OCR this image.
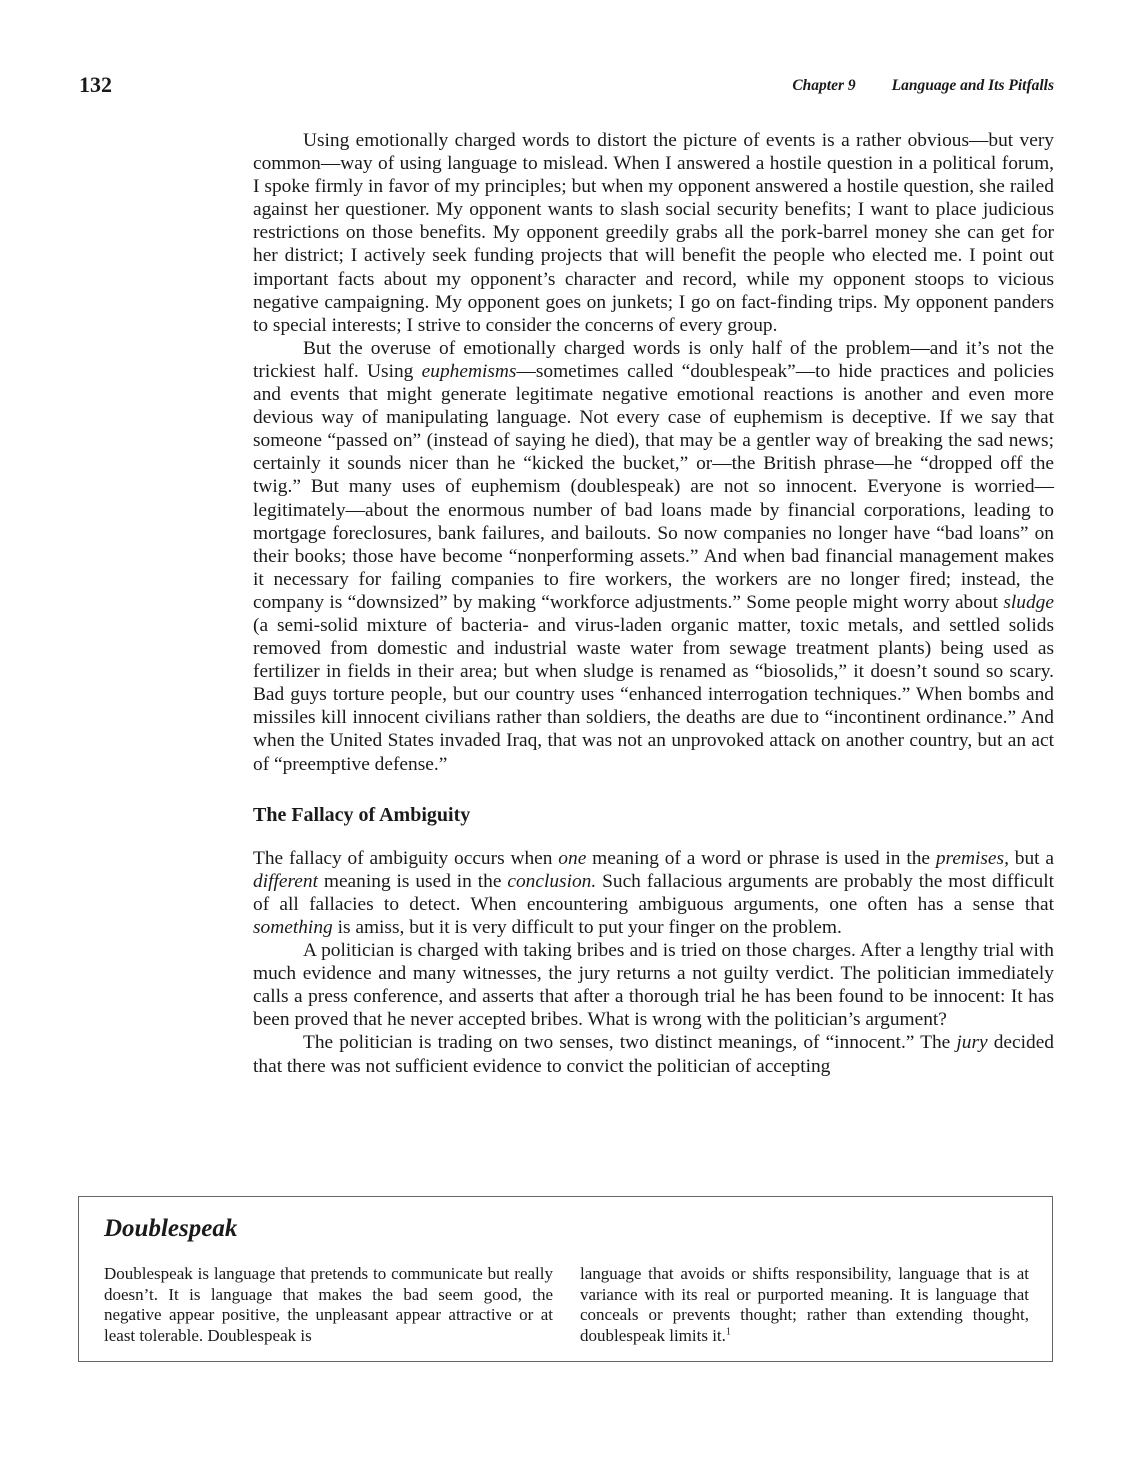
132	Chapter 9 Language and Its Pitfalls

Using emotionally charged words to distort the picture of events is a rather obvious—but very common—way of using language to mislead. When I answered a hostile question in a political forum, I spoke firmly in favor of my principles; but when my opponent answered a hostile question, she railed against her questioner. My opponent wants to slash social security benefits; I want to place judicious restrictions on those benefits. My opponent greedily grabs all the pork-barrel money she can get for her district; I actively seek funding projects that will benefit the people who elected me. I point out important facts about my opponent’s character and record, while my opponent stoops to vicious negative campaigning. My opponent goes on junkets; I go on fact-finding trips. My opponent panders to special interests; I strive to consider the concerns of every group.

But the overuse of emotionally charged words is only half of the problem—and it’s not the trickiest half. Using euphemisms—sometimes called “doublespeak”—to hide practices and policies and events that might generate legitimate negative emotional reactions is another and even more devious way of manipulating language. Not every case of euphemism is deceptive. If we say that someone “passed on” (instead of saying he died), that may be a gentler way of breaking the sad news; certainly it sounds nicer than he “kicked the bucket,” or—the British phrase—he “dropped off the twig.” But many uses of euphemism (doublespeak) are not so innocent. Everyone is worried—legitimately—about the enormous number of bad loans made by financial corporations, leading to mortgage foreclosures, bank failures, and bailouts. So now companies no longer have “bad loans” on their books; those have become “nonperforming assets.” And when bad financial management makes it necessary for failing companies to fire workers, the workers are no longer fired; instead, the company is “downsized” by making “workforce adjustments.” Some people might worry about sludge (a semi-solid mixture of bacteria- and virus-laden organic matter, toxic metals, and settled solids removed from domestic and industrial waste water from sewage treatment plants) being used as fertilizer in fields in their area; but when sludge is renamed as “biosolids,” it doesn’t sound so scary. Bad guys torture people, but our country uses “enhanced interrogation techniques.” When bombs and missiles kill innocent civilians rather than soldiers, the deaths are due to “incontinent ordinance.” And when the United States invaded Iraq, that was not an unprovoked attack on another country, but an act of “preemptive defense.”

The Fallacy of Ambiguity

The fallacy of ambiguity occurs when one meaning of a word or phrase is used in the premises, but a different meaning is used in the conclusion. Such fallacious arguments are probably the most difficult of all fallacies to detect. When encountering ambiguous arguments, one often has a sense that something is amiss, but it is very difficult to put your finger on the problem.

A politician is charged with taking bribes and is tried on those charges. After a lengthy trial with much evidence and many witnesses, the jury returns a not guilty verdict. The politician immediately calls a press conference, and asserts that after a thorough trial he has been found to be innocent: It has been proved that he never accepted bribes. What is wrong with the politician’s argument?

The politician is trading on two senses, two distinct meanings, of “innocent.” The jury decided that there was not sufficient evidence to convict the politician of accepting

Doublespeak
Doublespeak is language that pretends to communicate but really doesn’t. It is language that makes the bad seem good, the negative appear positive, the unpleasant appear attractive or at least tolerable. Doublespeak is
language that avoids or shifts responsibility, language that is at variance with its real or purported meaning. It is language that conceals or prevents thought; rather than extending thought, doublespeak limits it.$^1$
